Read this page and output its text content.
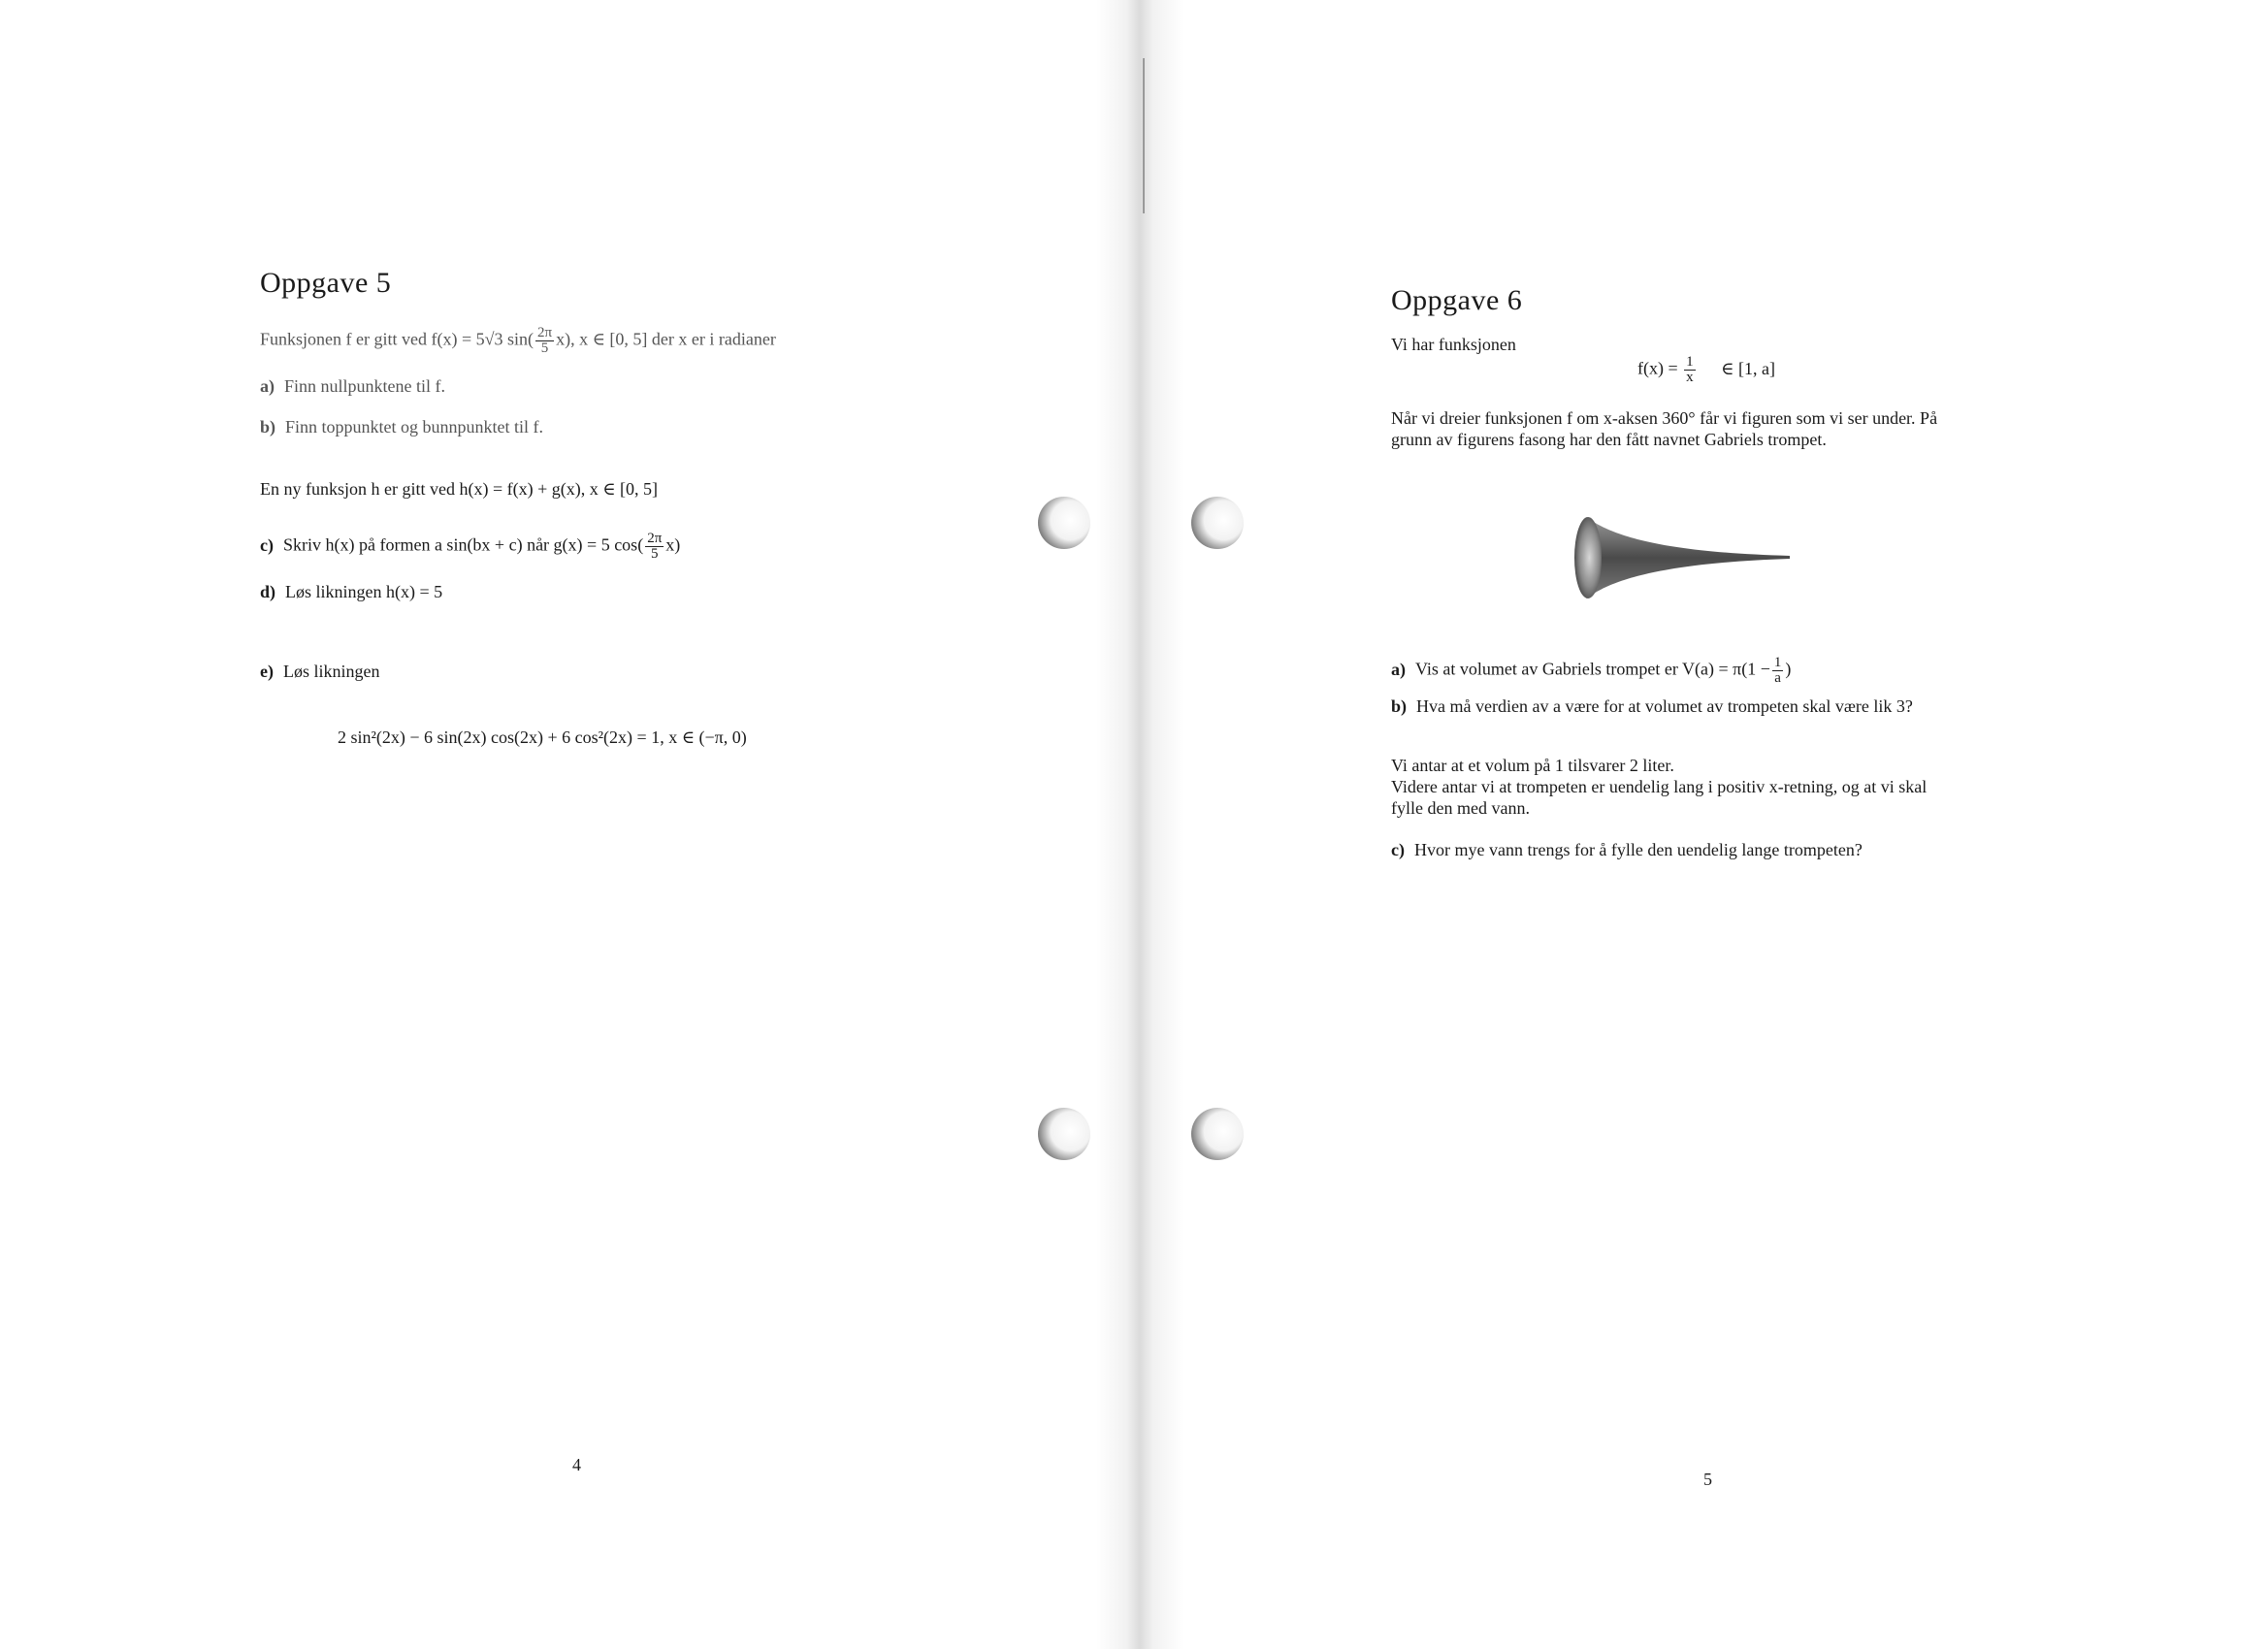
Oppgave 5
Funksjonen f er gitt ved f(x) = 5√3 $\sin( \frac{2\pi}{5} x)$, x ∈ [0, 5] der x er i radianer
a) Finn nullpunktene til f.
b) Finn toppunktet og bunnpunktet til f.
En ny funksjon h er gitt ved h(x) = f(x) + g(x), x ∈ [0, 5]
c) Skriv h(x) på formen a sin(bx + c) når g(x) = 5 $\cos( \frac{2\pi}{5} x)$
d) Løs likningen h(x) = 5
e) Løs likningen
2 sin²(2x) − 6 sin(2x) cos(2x) + 6 cos²(2x) = 1, x ∈ (−π, 0)
4
Oppgave 6
Vi har funksjonen
$f(x) = \frac{1}{x}$ ∈ [1, a]
Når vi dreier funksjonen f om x-aksen 360° får vi figuren som vi ser under. På
grunn av figurens fasong har den fått navnet Gabriels trompet.
a) Vis at volumet av Gabriels trompet er $V(a) = \pi(1 - \frac{1}{a}$ )
b) Hva må verdien av a være for at volumet av trompeten skal være lik 3?
Vi antar at et volum på 1 tilsvarer 2 liter.
Videre antar vi at trompeten er uendelig lang i positiv x-retning, og at vi skal
fylle den med vann.
c) Hvor mye vann trengs for å fylle den uendelig lange trompeten?
5
